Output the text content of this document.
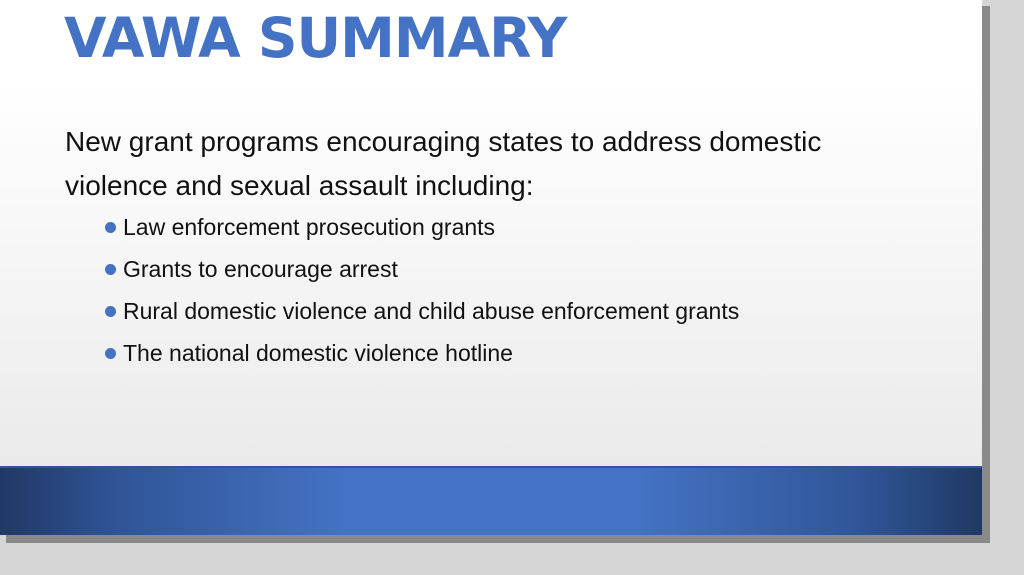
VAWA SUMMARY

New grant programs encouraging states to address domestic violence and sexual assault including:

Law enforcement prosecution grants
Grants to encourage arrest
Rural domestic violence and child abuse enforcement grants
The national domestic violence hotline
